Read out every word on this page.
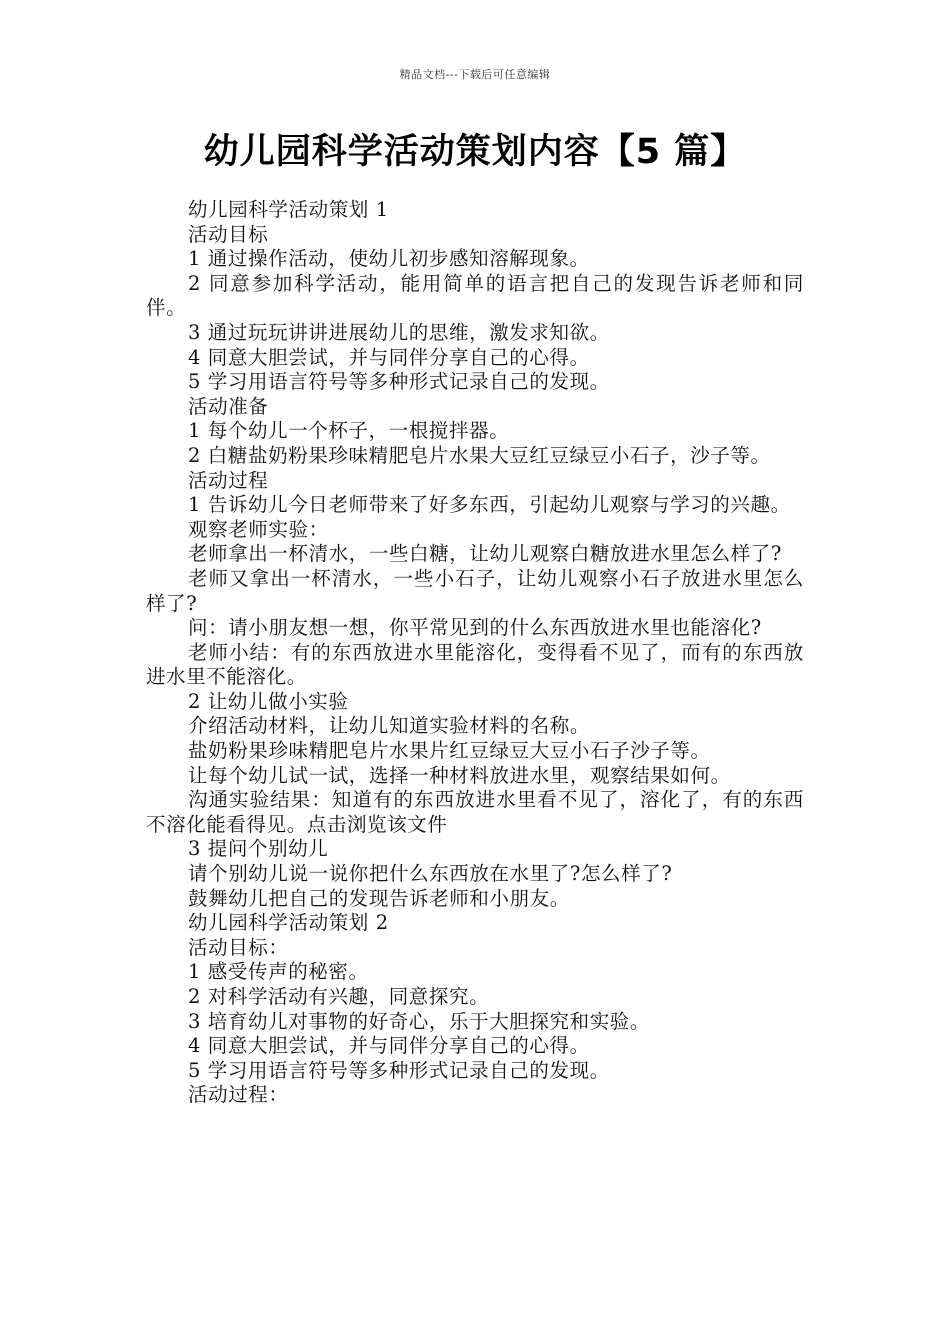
精品文档---下载后可任意编辑
幼儿园科学活动策划内容【5 篇】

幼儿园科学活动策划 1

活动目标

1 通过操作活动，使幼儿初步感知溶解现象。

2 同意参加科学活动，能用简单的语言把自己的发现告诉老师和同伴。

3 通过玩玩讲讲进展幼儿的思维，激发求知欲。

4 同意大胆尝试，并与同伴分享自己的心得。

5 学习用语言符号等多种形式记录自己的发现。

活动准备

1 每个幼儿一个杯子，一根搅拌器。

2 白糖盐奶粉果珍味精肥皂片水果大豆红豆绿豆小石子，沙子等。

活动过程

1 告诉幼儿今日老师带来了好多东西，引起幼儿观察与学习的兴趣。

观察老师实验：

老师拿出一杯清水，一些白糖，让幼儿观察白糖放进水里怎么样了?

老师又拿出一杯清水，一些小石子，让幼儿观察小石子放进水里怎么样了?

问：请小朋友想一想，你平常见到的什么东西放进水里也能溶化?

老师小结：有的东西放进水里能溶化，变得看不见了，而有的东西放进水里不能溶化。

2 让幼儿做小实验

介绍活动材料，让幼儿知道实验材料的名称。

盐奶粉果珍味精肥皂片水果片红豆绿豆大豆小石子沙子等。

让每个幼儿试一试，选择一种材料放进水里，观察结果如何。

沟通实验结果：知道有的东西放进水里看不见了，溶化了，有的东西不溶化能看得见。点击浏览该文件

3 提问个别幼儿

请个别幼儿说一说你把什么东西放在水里了?怎么样了?

鼓舞幼儿把自己的发现告诉老师和小朋友。

幼儿园科学活动策划 2

活动目标：

1 感受传声的秘密。

2 对科学活动有兴趣，同意探究。

3 培育幼儿对事物的好奇心，乐于大胆探究和实验。

4 同意大胆尝试，并与同伴分享自己的心得。

5 学习用语言符号等多种形式记录自己的发现。

活动过程：
